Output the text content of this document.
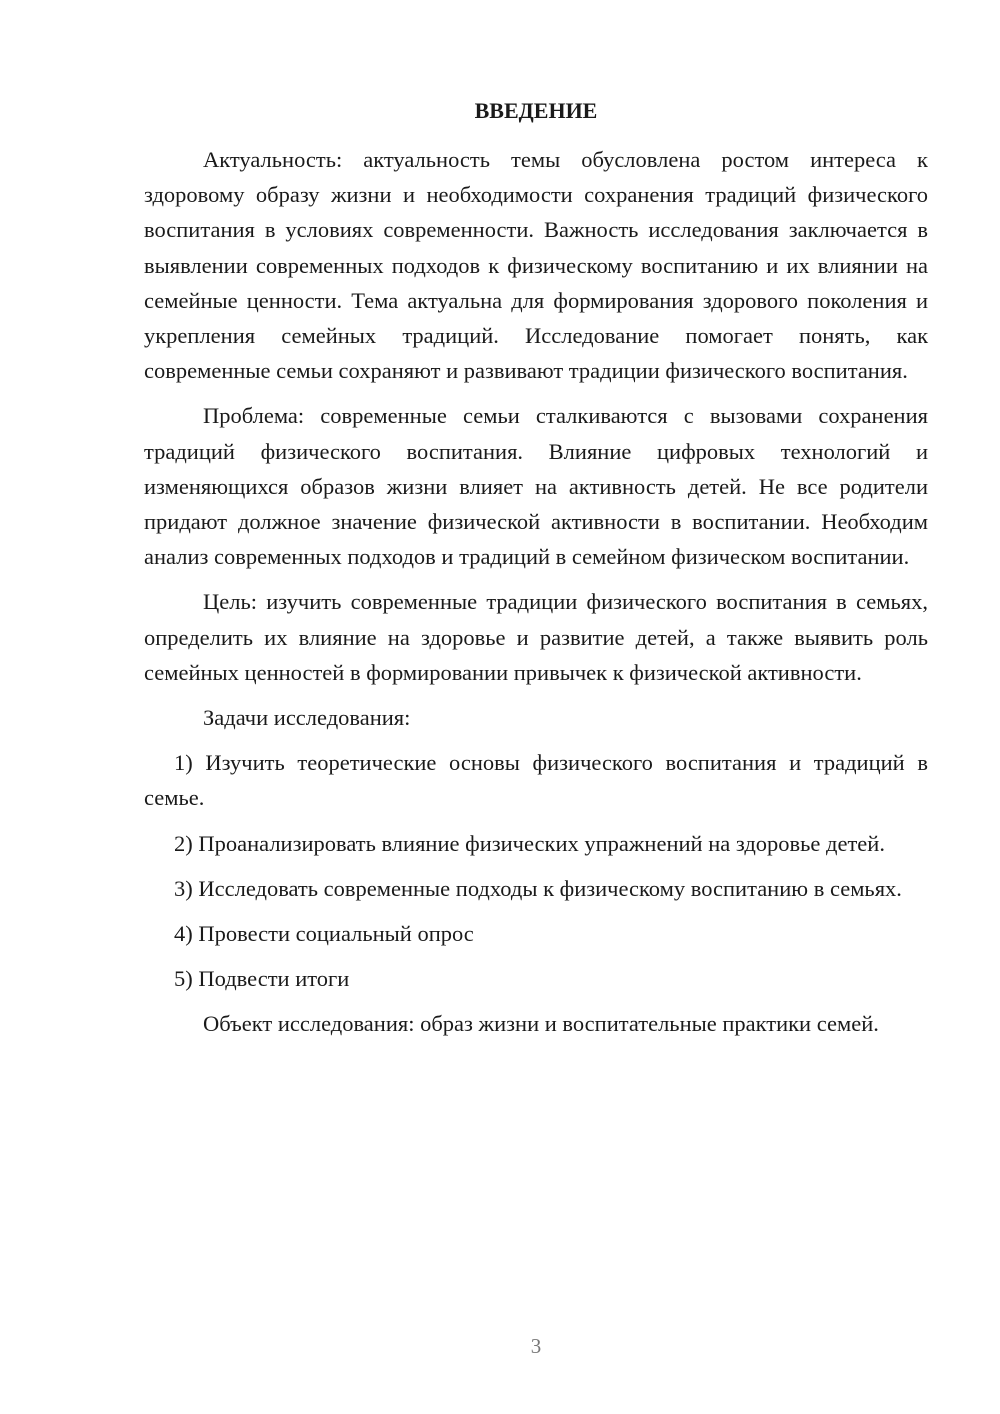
ВВЕДЕНИЕ

Актуальность: актуальность темы обусловлена ростом интереса к здоровому образу жизни и необходимости сохранения традиций физического воспитания в условиях современности. Важность исследования заключается в выявлении современных подходов к физическому воспитанию и их влиянии на семейные ценности. Тема актуальна для формирования здорового поколения и укрепления семейных традиций. Исследование помогает понять, как современные семьи сохраняют и развивают традиции физического воспитания.

Проблема: современные семьи сталкиваются с вызовами сохранения традиций физического воспитания. Влияние цифровых технологий и изменяющихся образов жизни влияет на активность детей. Не все родители придают должное значение физической активности в воспитании. Необходим анализ современных подходов и традиций в семейном физическом воспитании.

Цель: изучить современные традиции физического воспитания в семьях, определить их влияние на здоровье и развитие детей, а также выявить роль семейных ценностей в формировании привычек к физической активности.

Задачи исследования:

1) Изучить теоретические основы физического воспитания и традиций в семье.

2) Проанализировать влияние физических упражнений на здоровье детей.

3) Исследовать современные подходы к физическому воспитанию в семьях.

4) Провести социальный опрос

5) Подвести итоги

Объект исследования: образ жизни и воспитательные практики семей.

3
